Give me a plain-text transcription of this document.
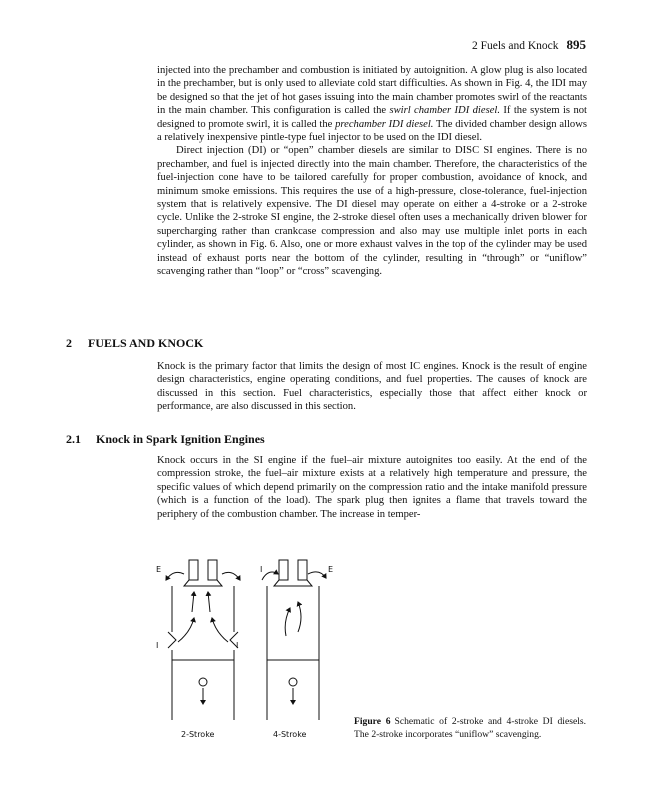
2 Fuels and Knock 895

injected into the prechamber and combustion is initiated by autoignition. A glow plug is also located in the prechamber, but is only used to alleviate cold start difficulties. As shown in Fig. 4, the IDI may be designed so that the jet of hot gases issuing into the main chamber promotes swirl of the reactants in the main chamber. This configuration is called the swirl chamber IDI diesel. If the system is not designed to promote swirl, it is called the prechamber IDI diesel. The divided chamber design allows a relatively inexpensive pintle-type fuel injector to be used on the IDI diesel.

Direct injection (DI) or “open” chamber diesels are similar to DISC SI engines. There is no prechamber, and fuel is injected directly into the main chamber. Therefore, the characteristics of the fuel-injection cone have to be tailored carefully for proper combustion, avoidance of knock, and minimum smoke emissions. This requires the use of a high-pressure, close-tolerance, fuel-injection system that is relatively expensive. The DI diesel may operate on either a 4-stroke or a 2-stroke cycle. Unlike the 2-stroke SI engine, the 2-stroke diesel often uses a mechanically driven blower for supercharging rather than crankcase compression and also may use multiple inlet ports in each cylinder, as shown in Fig. 6. Also, one or more exhaust valves in the top of the cylinder may be used instead of exhaust ports near the bottom of the cylinder, resulting in “through” or “uniflow” scavenging rather than “loop” or “cross” scavenging.

2 FUELS AND KNOCK

Knock is the primary factor that limits the design of most IC engines. Knock is the result of engine design characteristics, engine operating conditions, and fuel properties. The causes of knock are discussed in this section. Fuel characteristics, especially those that affect either knock or performance, are also discussed in this section.

2.1 Knock in Spark Ignition Engines

Knock occurs in the SI engine if the fuel–air mixture autoignites too easily. At the end of the compression stroke, the fuel–air mixture exists at a relatively high temperature and pressure, the specific values of which depend primarily on the compression ratio and the intake manifold pressure (which is a function of the load). The spark plug then ignites a flame that travels toward the periphery of the combustion chamber. The increase in temper-

E
I	I
I	E
2-Stroke	4-Stroke
Figure 6 Schematic of 2-stroke and 4-stroke DI diesels. The 2-stroke incorporates “uniflow” scavenging.
